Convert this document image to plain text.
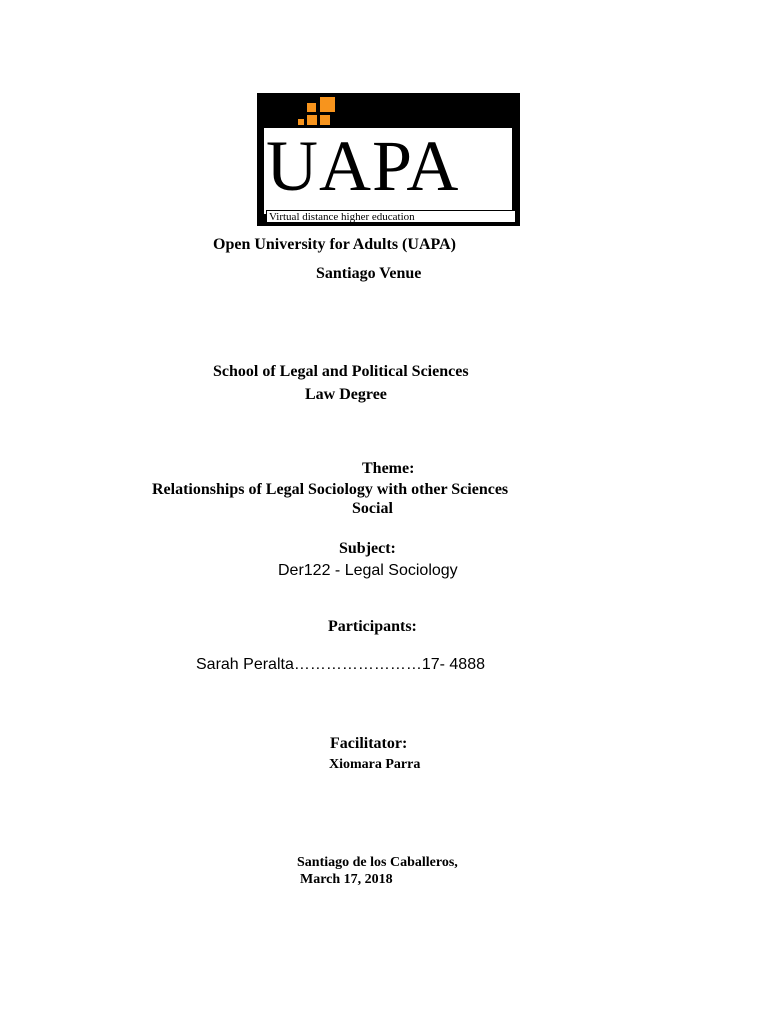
UAPA
Virtual distance higher education
Open University for Adults (UAPA)
Santiago Venue
School of Legal and Political Sciences
Law Degree
Theme:
Relationships of Legal Sociology with other Sciences
Social
Subject:
Der122 - Legal Sociology
Participants:
Sarah Peralta……………………17- 4888
Facilitator:
Xiomara Parra
Santiago de los Caballeros,
March 17, 2018
